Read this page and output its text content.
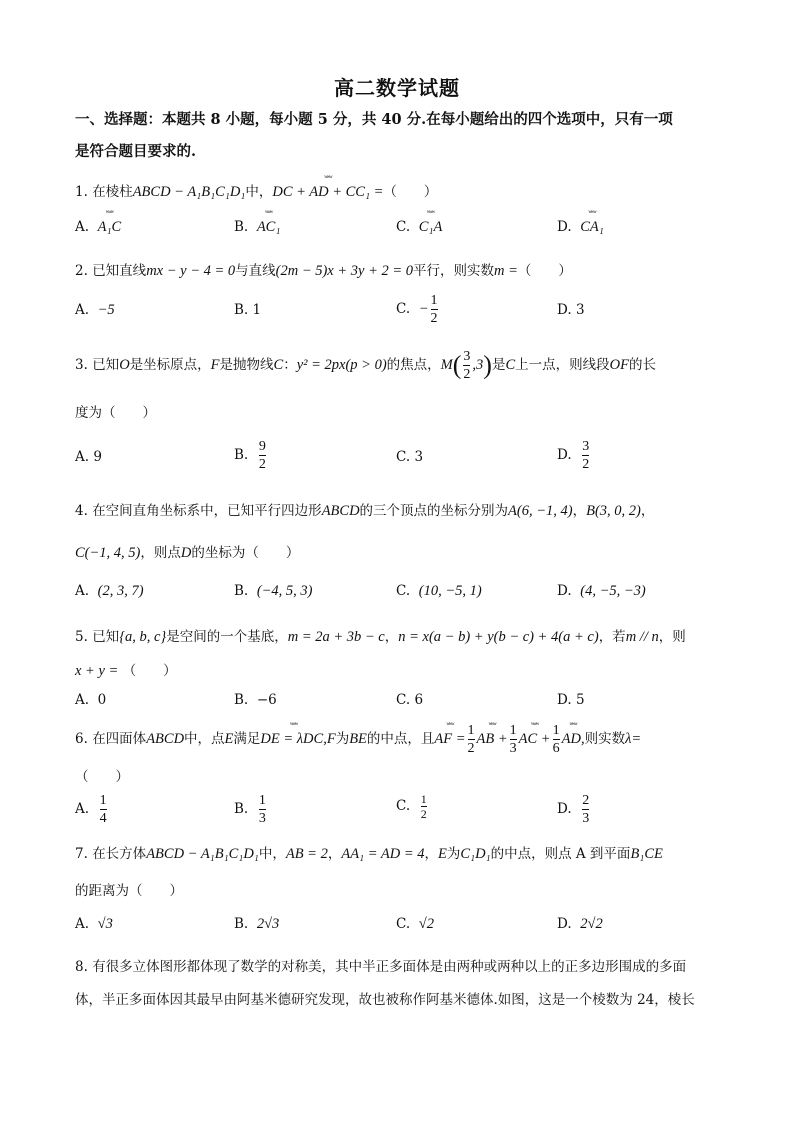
高二数学试题
一、选择题：本题共 8 小题，每小题 5 分，共 40 分.在每小题给出的四个选项中，只有一项
是符合题目要求的.
1. 在棱柱ABCD − A₁B₁C₁D₁中，ʷʷʷ DC + AD + CC₁ =（　　）
A. ʷʷʷ A₁C	B. ʷʷʷ AC₁	C. ʷʷʷ C₁A	D. ʷʷʷ CA₁
2. 已知直线mx − y − 4 = 0与直线(2m − 5)x + 3y + 2 = 0平行，则实数m =（　　）
A. −5	B. 1	C. − $\frac{1}{2}$	D. 3
3. 已知O是坐标原点，F是抛物线C：y² = 2px(p > 0)的焦点，$M( \frac{3}{2} ,3)$是C上一点，则线段OF的长
度为（　　）
A. 9	B. $\frac{9}{2}$	C. 3	D. $\frac{3}{2}$
4. 在空间直角坐标系中，已知平行四边形ABCD的三个顶点的坐标分别为A(6, −1, 4)，B(3, 0, 2)，
C(−1, 4, 5)，则点D的坐标为（　　）
A. (2, 3, 7)	B. (−4, 5, 3)	C. (10, −5, 1)	D. (4, −5, −3)
5. 已知{a, b, c}是空间的一个基底，m = 2a + 3b − c，n = x(a − b) + y(b − c) + 4(a + c)，若m // n，则
x + y = （　　）
A. 0	B. −6	C. 6	D. 5
6. 在四面体ABCD中，点E满足ʷʷʷ DE = λDC,F为BE的中点，且ʷʷʷ AF = $\frac{1}{2}$ ʷʷʷ AB + $\frac{1}{3}$ ʷʷʷ AC + $\frac{1}{6}$ ʷʷʷ AD,则实数λ=
（　　）
A. $\frac{1}{4}$	B. $\frac{1}{3}$	C. $\frac{1}{2}$	D. $\frac{2}{3}$
7. 在长方体ABCD − A₁B₁C₁D₁中，AB = 2，AA₁ = AD = 4，E为C₁D₁的中点，则点 A 到平面B₁CE
的距离为（　　）
A. √3	B. 2√3	C. √2	D. 2√2
8. 有很多立体图形都体现了数学的对称美，其中半正多面体是由两种或两种以上的正多边形围成的多面
体，半正多面体因其最早由阿基米德研究发现，故也被称作阿基米德体.如图，这是一个棱数为 24，棱长
